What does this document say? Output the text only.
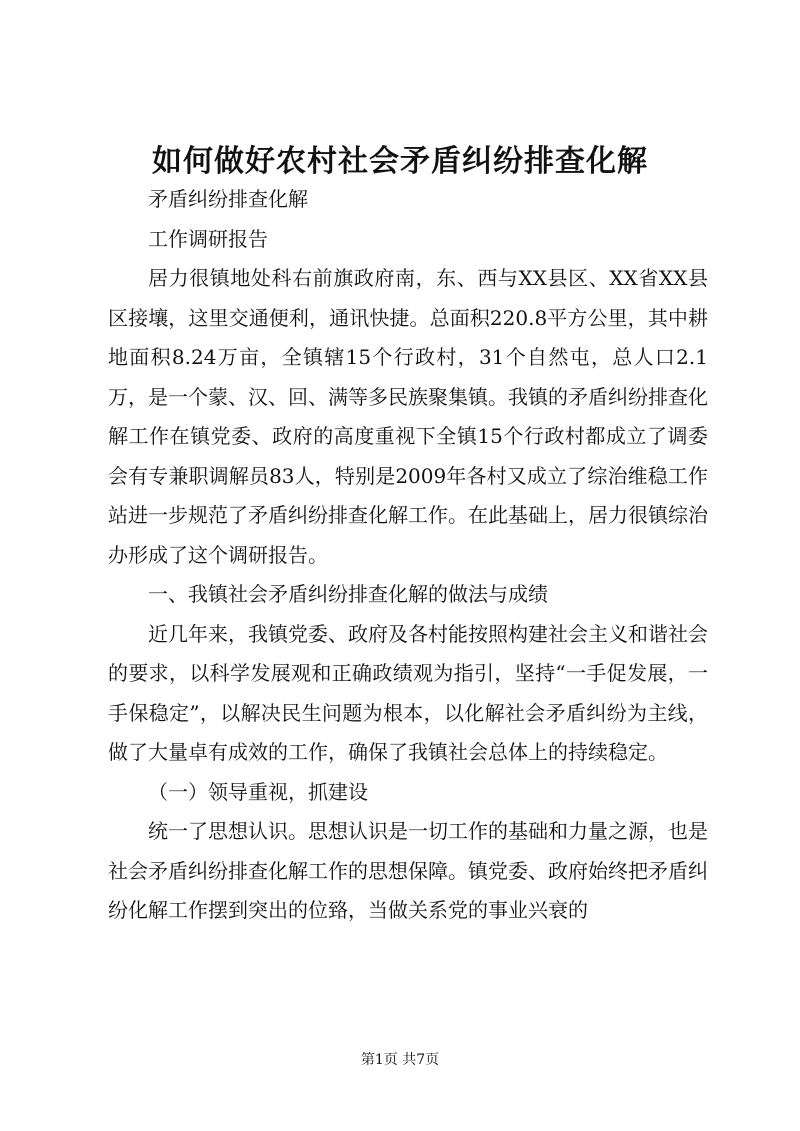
如何做好农村社会矛盾纠纷排查化解

矛盾纠纷排查化解

工作调研报告

居力很镇地处科右前旗政府南，东、西与XX县区、XX省XX县区接壤，这里交通便利，通讯快捷。总面积220.8平方公里，其中耕地面积8.24万亩，全镇辖15个行政村，31个自然屯，总人口2.1万，是一个蒙、汉、回、满等多民族聚集镇。我镇的矛盾纠纷排查化解工作在镇党委、政府的高度重视下全镇15个行政村都成立了调委会有专兼职调解员83人，特别是2009年各村又成立了综治维稳工作站进一步规范了矛盾纠纷排查化解工作。在此基础上，居力很镇综治办形成了这个调研报告。

一、我镇社会矛盾纠纷排查化解的做法与成绩

近几年来，我镇党委、政府及各村能按照构建社会主义和谐社会的要求，以科学发展观和正确政绩观为指引，坚持“一手促发展，一手保稳定”，以解决民生问题为根本，以化解社会矛盾纠纷为主线，做了大量卓有成效的工作，确保了我镇社会总体上的持续稳定。

（一）领导重视，抓建设

统一了思想认识。思想认识是一切工作的基础和力量之源，也是社会矛盾纠纷排查化解工作的思想保障。镇党委、政府始终把矛盾纠纷化解工作摆到突出的位臵，当做关系党的事业兴衰的

第1页 共7页
